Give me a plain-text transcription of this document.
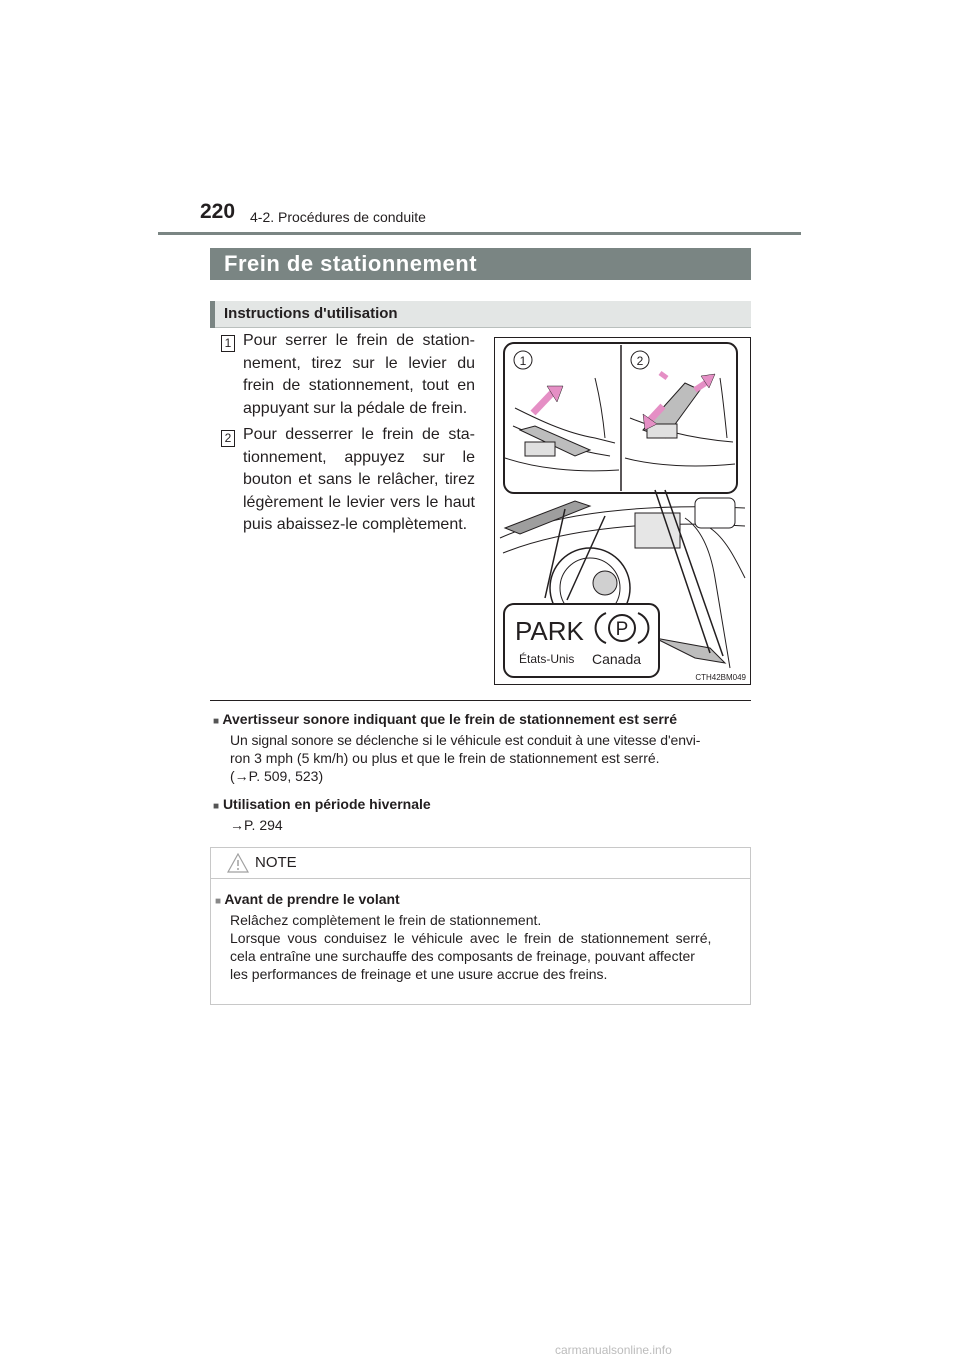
220 4-2. Procédures de conduite
Frein de stationnement
Instructions d'utilisation
1 Pour serrer le frein de station-nement, tirez sur le levier du frein de stationnement, tout en appuyant sur la pédale de frein.
2 Pour desserrer le frein de sta-tionnement, appuyez sur le bouton et sans le relâcher, tirez légèrement le levier vers le haut puis abaissez-le complètement.
1	2
PARK P
États-Unis Canada
CTH42BM049
■ Avertisseur sonore indiquant que le frein de stationnement est serré
Un signal sonore se déclenche si le véhicule est conduit à une vitesse d'envi-
ron 3 mph (5 km/h) ou plus et que le frein de stationnement est serré.
(→P. 509, 523)
■ Utilisation en période hivernale
→P. 294
NOTE
■ Avant de prendre le volant
Relâchez complètement le frein de stationnement.
Lorsque vous conduisez le véhicule avec le frein de stationnement serré,
cela entraîne une surchauffe des composants de freinage, pouvant affecter
les performances de freinage et une usure accrue des freins.
carmanualsonline.info
